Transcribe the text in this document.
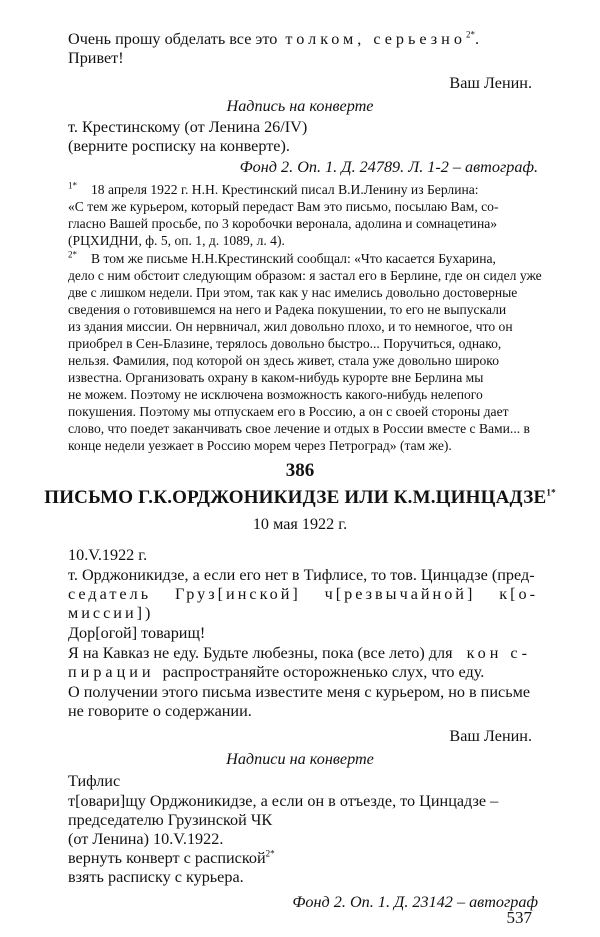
Очень прошу обделать все это толком, серьезно$^{2*}$.
Привет!
Ваш Ленин.
Надпись на конверте
т. Крестинскому (от Ленина 26/IV)
(верните росписку на конверте).
Фонд 2. Оп. 1. Д. 24789. Л. 1-2 – автограф.
$^{1*}$ 18 апреля 1922 г. Н.Н. Крестинский писал В.И.Ленину из Берлина:
«С тем же курьером, который передаст Вам это письмо, посылаю Вам, со-
гласно Вашей просьбе, по 3 коробочки веронала, адолина и сомнацетина»
(РЦХИДНИ, ф. 5, оп. 1, д. 1089, л. 4).
$^{2*}$ В том же письме Н.Н.Крестинский сообщал: «Что касается Бухарина,
дело с ним обстоит следующим образом: я застал его в Берлине, где он сидел уже
две с лишком недели. При этом, так как у нас имелись довольно достоверные
сведения о готовившемся на него и Радека покушении, то его не выпускали
из здания миссии. Он нервничал, жил довольно плохо, и то немногое, что он
приобрел в Сен-Блазине, терялось довольно быстро... Поручиться, однако,
нельзя. Фамилия, под которой он здесь живет, стала уже довольно широко
известна. Организовать охрану в каком-нибудь курорте вне Берлина мы
не можем. Поэтому не исключена возможность какого-нибудь нелепого
покушения. Поэтому мы отпускаем его в Россию, а он с своей стороны дает
слово, что поедет заканчивать свое лечение и отдых в России вместе с Вами... в
конце недели уезжает в Россию морем через Петроград» (там же).
386
ПИСЬМО Г.К.ОРДЖОНИКИДЗЕ ИЛИ $К.М.ЦИНЦАДЗЕ^{1*}$
10 мая 1922 г.
10.V.1922 г.
т. Орджоникидзе, а если его нет в Тифлисе, то тов. Цинцадзе (пред-
седатель Груз[инской] ч[резвычайной] к[о-
миссии])
Дор[огой] товарищ!
Я на Кавказ не еду. Будьте любезны, пока (все лето) для кон с-
пирации распространяйте осторожненько слух, что еду.
О получении этого письма известите меня с курьером, но в письме
не говорите о содержании.
Ваш Ленин.
Надписи на конверте
Тифлис
т[овари]щу Орджоникидзе, а если он в отъезде, то Цинцадзе –
председателю Грузинской ЧК
(от Ленина) 10.V.1922.
вернуть конверт с распиской$^{2*}$
взять расписку с курьера.
Фонд 2. Оп. 1. Д. 23142 – автограф
537
